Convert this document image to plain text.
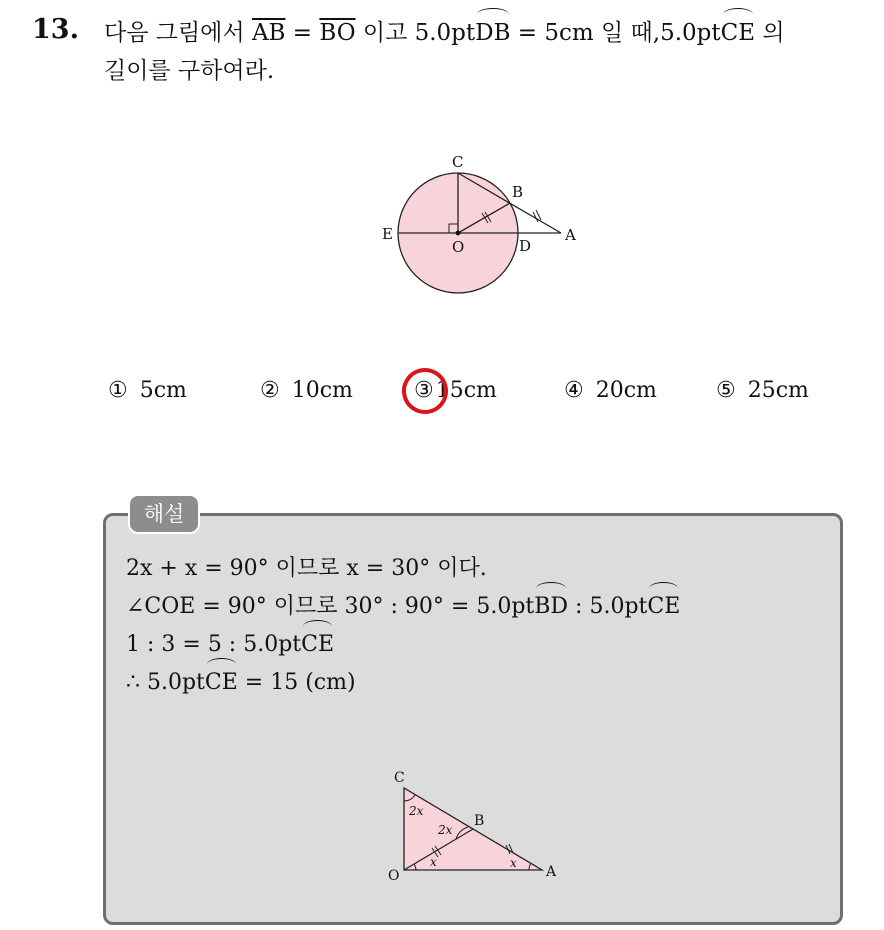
13. 다음 그림에서 $\overline{AB} = \overline{BO}$ 이고 5.0ptDB = 5cm 일 때,5.0ptCE 의
길이를 구하여라.
C
B
E
O	D
A
① 5cm	② 10cm	③15cm	④ 20cm	⑤ 25cm
해설
2x + x = 90° 이므로 x = 30° 이다.
∠COE = 90° 이므로 30° : 90° = 5.0ptBD : 5.0ptCE
1 : 3 = 5 : 5.0ptCE
∴ 5.0ptCE = 15 (cm)
C
B
O	A
2x
2x
x	x
